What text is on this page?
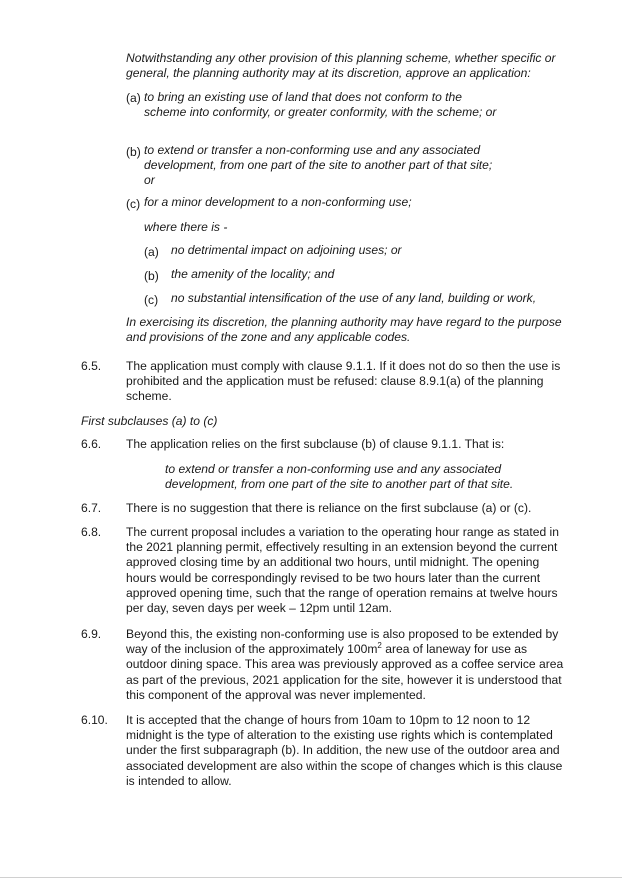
Notwithstanding any other provision of this planning scheme, whether specific or general, the planning authority may at its discretion, approve an application:
(a) to bring an existing use of land that does not conform to the scheme into conformity, or greater conformity, with the scheme; or
(b) to extend or transfer a non-conforming use and any associated development, from one part of the site to another part of that site; or
(c) for a minor development to a non-conforming use;
where there is -
(a) no detrimental impact on adjoining uses; or
(b) the amenity of the locality; and
(c) no substantial intensification of the use of any land, building or work,
In exercising its discretion, the planning authority may have regard to the purpose and provisions of the zone and any applicable codes.
6.5. The application must comply with clause 9.1.1. If it does not do so then the use is prohibited and the application must be refused: clause 8.9.1(a) of the planning scheme.
First subclauses (a) to (c)
6.6. The application relies on the first subclause (b) of clause 9.1.1. That is:
to extend or transfer a non-conforming use and any associated development, from one part of the site to another part of that site.
6.7. There is no suggestion that there is reliance on the first subclause (a) or (c).
6.8. The current proposal includes a variation to the operating hour range as stated in the 2021 planning permit, effectively resulting in an extension beyond the current approved closing time by an additional two hours, until midnight. The opening hours would be correspondingly revised to be two hours later than the current approved opening time, such that the range of operation remains at twelve hours per day, seven days per week – 12pm until 12am.
6.9. Beyond this, the existing non-conforming use is also proposed to be extended by way of the inclusion of the approximately $100m^2$ area of laneway for use as outdoor dining space. This area was previously approved as a coffee service area as part of the previous, 2021 application for the site, however it is understood that this component of the approval was never implemented.
6.10. It is accepted that the change of hours from 10am to 10pm to 12 noon to 12 midnight is the type of alteration to the existing use rights which is contemplated under the first subparagraph (b). In addition, the new use of the outdoor area and associated development are also within the scope of changes which is this clause is intended to allow.
